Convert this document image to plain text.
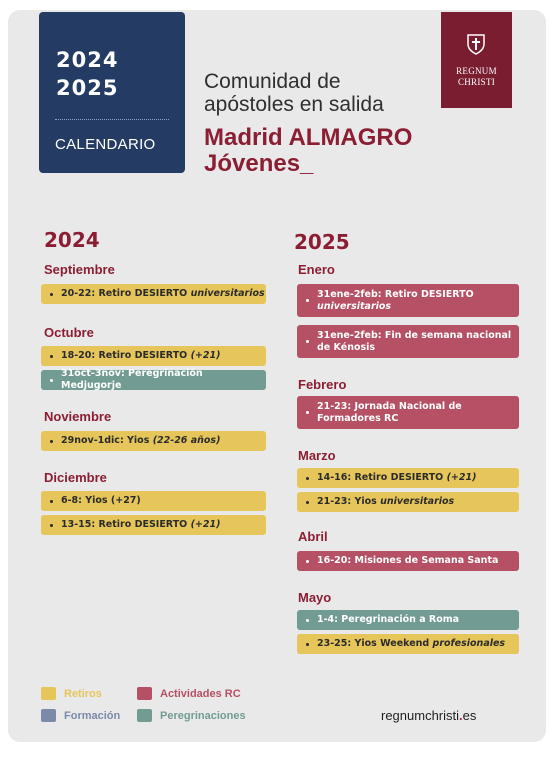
2024
2025
CALENDARIO
Comunidad de
apóstoles en salida
Madrid ALMAGRO
Jóvenes_
REGNUM
CHRISTI
2024
Septiembre
20-22: Retiro DESIERTO universitarios
Octubre
18-20: Retiro DESIERTO (+21)
31oct-3nov: Peregrinación Medjugorje
Noviembre
29nov-1dic: Yios (22-26 años)
Diciembre
6-8: Yios (+27)
13-15: Retiro DESIERTO (+21)
2025
Enero
31ene-2feb: Retiro DESIERTO universitarios
31ene-2feb: Fin de semana nacional de Kénosis
Febrero
21-23: Jornada Nacional de Formadores RC
Marzo
14-16: Retiro DESIERTO (+21)
21-23: Yios universitarios
Abril
16-20: Misiones de Semana Santa
Mayo
1-4: Peregrinación a Roma
23-25: Yios Weekend profesionales
Retiros	Actividades RC
Formación	Peregrinaciones	regnumchristi.es
